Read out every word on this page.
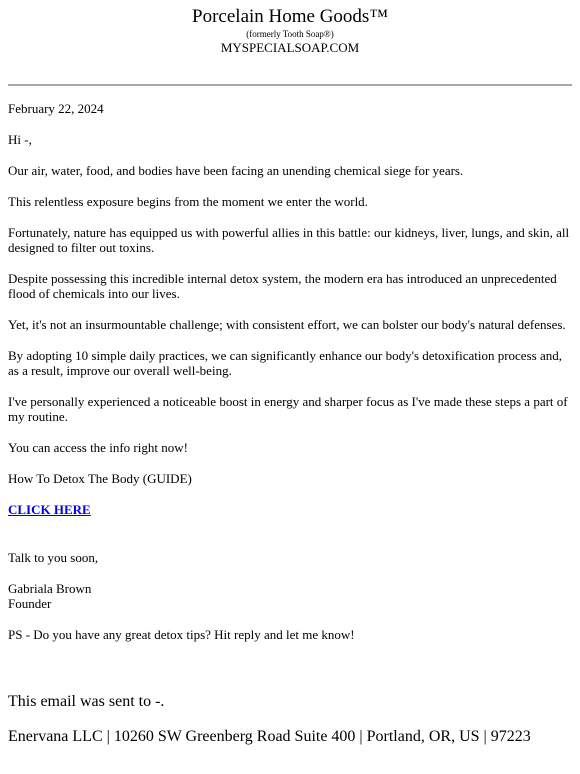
Porcelain Home Goods™
(formerly Tooth Soap®)
MYSPECIALSOAP.COM

February 22, 2024

Hi -,

Our air, water, food, and bodies have been facing an unending chemical siege for years.

This relentless exposure begins from the moment we enter the world.

Fortunately, nature has equipped us with powerful allies in this battle: our kidneys, liver, lungs, and skin, all designed to filter out toxins.

Despite possessing this incredible internal detox system, the modern era has introduced an unprecedented flood of chemicals into our lives.

Yet, it's not an insurmountable challenge; with consistent effort, we can bolster our body's natural defenses.

By adopting 10 simple daily practices, we can significantly enhance our body's detoxification process and, as a result, improve our overall well-being.

I've personally experienced a noticeable boost in energy and sharper focus as I've made these steps a part of my routine.

You can access the info right now!

How To Detox The Body (GUIDE)

CLICK HERE

Talk to you soon,

Gabriala Brown
Founder

PS - Do you have any great detox tips? Hit reply and let me know!

This email was sent to -.
Enervana LLC | 10260 SW Greenberg Road Suite 400 | Portland, OR, US | 97223
